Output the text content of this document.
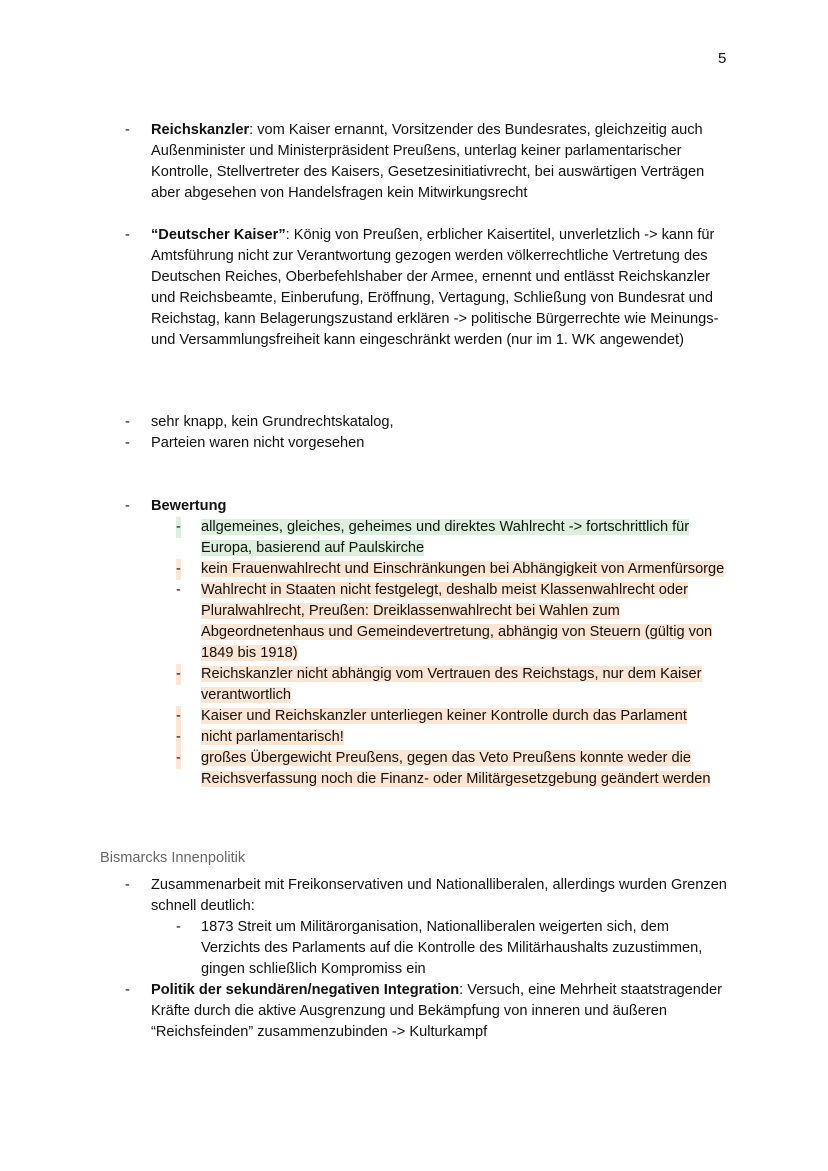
5
- Reichskanzler: vom Kaiser ernannt, Vorsitzender des Bundesrates, gleichzeitig auch Außenminister und Ministerpräsident Preußens, unterlag keiner parlamentarischer Kontrolle, Stellvertreter des Kaisers, Gesetzesinitiativrecht, bei auswärtigen Verträgen aber abgesehen von Handelsfragen kein Mitwirkungsrecht
- “Deutscher Kaiser”: König von Preußen, erblicher Kaisertitel, unverletzlich -> kann für Amtsführung nicht zur Verantwortung gezogen werden völkerrechtliche Vertretung des Deutschen Reiches, Oberbefehlshaber der Armee, ernennt und entlässt Reichskanzler und Reichsbeamte, Einberufung, Eröffnung, Vertagung, Schließung von Bundesrat und Reichstag, kann Belagerungszustand erklären -> politische Bürgerrechte wie Meinungs- und Versammlungsfreiheit kann eingeschränkt werden (nur im 1. WK angewendet)
- sehr knapp, kein Grundrechtskatalog,
- Parteien waren nicht vorgesehen
- Bewertung
- allgemeines, gleiches, geheimes und direktes Wahlrecht -> fortschrittlich für Europa, basierend auf Paulskirche
- kein Frauenwahlrecht und Einschränkungen bei Abhängigkeit von Armenfürsorge
- Wahlrecht in Staaten nicht festgelegt, deshalb meist Klassenwahlrecht oder Pluralwahlrecht, Preußen: Dreiklassenwahlrecht bei Wahlen zum Abgeordnetenhaus und Gemeindevertretung, abhängig von Steuern (gültig von 1849 bis 1918)
- Reichskanzler nicht abhängig vom Vertrauen des Reichstags, nur dem Kaiser verantwortlich
- Kaiser und Reichskanzler unterliegen keiner Kontrolle durch das Parlament
- nicht parlamentarisch!
- großes Übergewicht Preußens, gegen das Veto Preußens konnte weder die Reichsverfassung noch die Finanz- oder Militärgesetzgebung geändert werden
Bismarcks Innenpolitik
- Zusammenarbeit mit Freikonservativen und Nationalliberalen, allerdings wurden Grenzen schnell deutlich:
- 1873 Streit um Militärorganisation, Nationalliberalen weigerten sich, dem Verzichts des Parlaments auf die Kontrolle des Militärhaushalts zuzustimmen, gingen schließlich Kompromiss ein
- Politik der sekundären/negativen Integration: Versuch, eine Mehrheit staatstragender Kräfte durch die aktive Ausgrenzung und Bekämpfung von inneren und äußeren “Reichsfeinden” zusammenzubinden -> Kulturkampf
